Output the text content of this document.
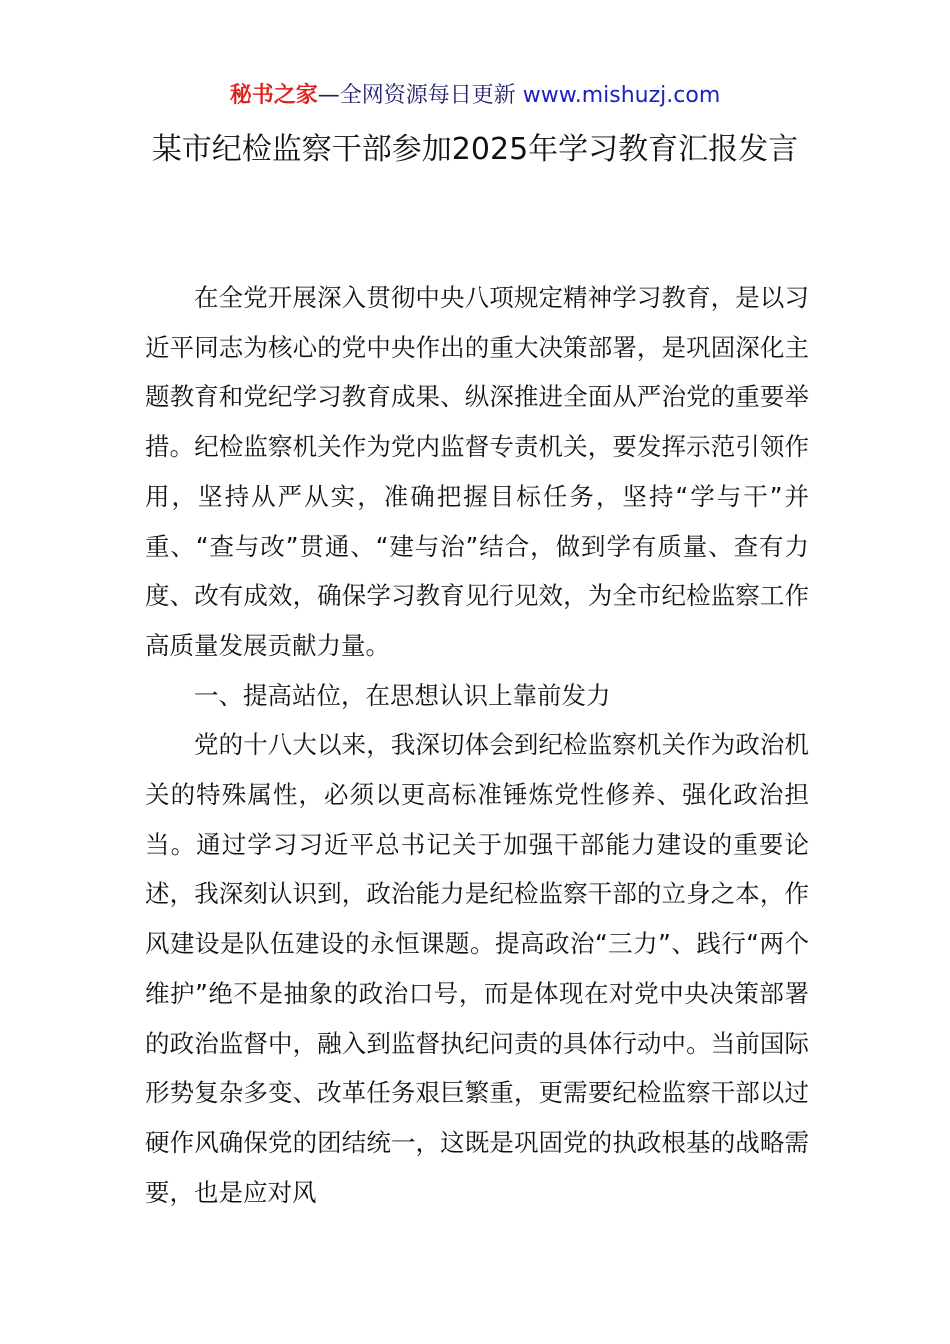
秘书之家—全网资源每日更新 www.mishuzj.com
某市纪检监察干部参加2025年学习教育汇报发言

在全党开展深入贯彻中央八项规定精神学习教育，是以习近平同志为核心的党中央作出的重大决策部署，是巩固深化主题教育和党纪学习教育成果、纵深推进全面从严治党的重要举措。纪检监察机关作为党内监督专责机关，要发挥示范引领作用，坚持从严从实，准确把握目标任务，坚持“学与干”并重、“查与改”贯通、“建与治”结合，做到学有质量、查有力度、改有成效，确保学习教育见行见效，为全市纪检监察工作高质量发展贡献力量。

一、提高站位，在思想认识上靠前发力

党的十八大以来，我深切体会到纪检监察机关作为政治机关的特殊属性，必须以更高标准锤炼党性修养、强化政治担当。通过学习习近平总书记关于加强干部能力建设的重要论述，我深刻认识到，政治能力是纪检监察干部的立身之本，作风建设是队伍建设的永恒课题。提高政治“三力”、践行“两个维护”绝不是抽象的政治口号，而是体现在对党中央决策部署的政治监督中，融入到监督执纪问责的具体行动中。当前国际形势复杂多变、改革任务艰巨繁重，更需要纪检监察干部以过硬作风确保党的团结统一，这既是巩固党的执政根基的战略需要，也是应对风
